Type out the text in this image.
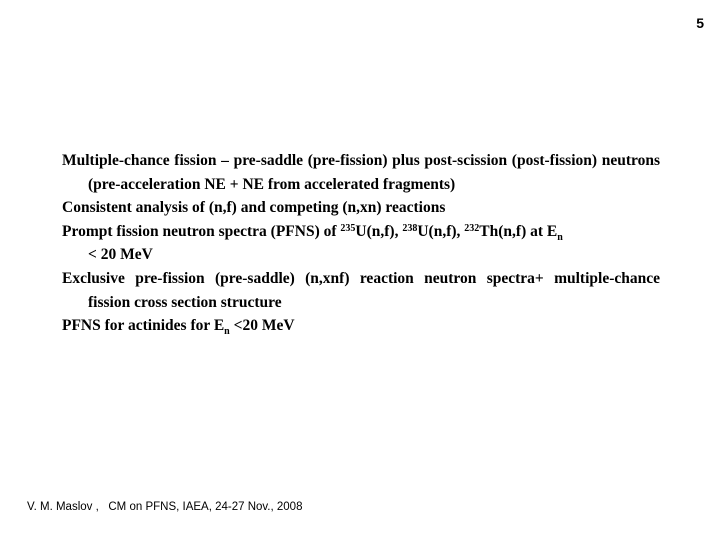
5
Multiple-chance fission – pre-saddle (pre-fission) plus post-scission (post-fission) neutrons (pre-acceleration NE + NE from accelerated fragments)
Consistent analysis of (n,f) and competing (n,xn) reactions
Prompt fission neutron spectra (PFNS) of $^{235}$U(n,f), $^{238}$U(n,f), $^{232}$Th(n,f) at $E_n$
< 20 MeV
Exclusive pre-fission (pre-saddle) (n,xnf) reaction neutron spectra+ multiple-chance fission cross section structure
PFNS for actinides for $E_n <20$ MeV
V. M. Maslov ,   CM on PFNS, IAEA, 24-27 Nov., 2008
